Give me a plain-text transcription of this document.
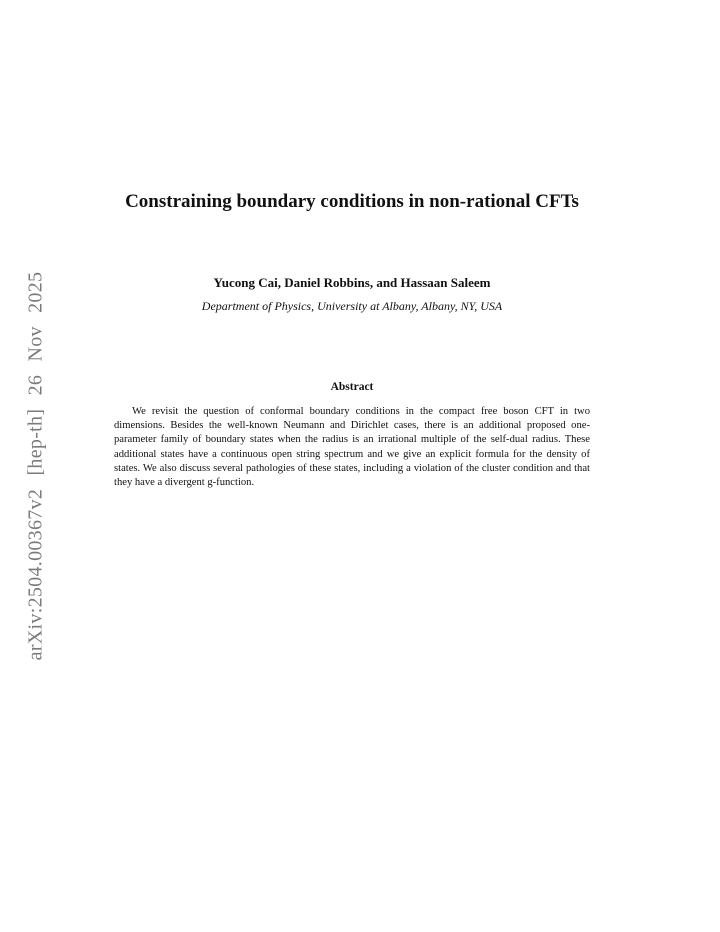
arXiv:2504.00367v2 [hep-th] 26 Nov 2025
Constraining boundary conditions in non-rational CFTs

Yucong Cai, Daniel Robbins, and Hassaan Saleem

Department of Physics, University at Albany, Albany, NY, USA

Abstract

We revisit the question of conformal boundary conditions in the compact free boson CFT in two dimensions. Besides the well-known Neumann and Dirichlet cases, there is an additional proposed one-parameter family of boundary states when the radius is an irrational multiple of the self-dual radius. These additional states have a continuous open string spectrum and we give an explicit formula for the density of states. We also discuss several pathologies of these states, including a violation of the cluster condition and that they have a divergent g-function.
